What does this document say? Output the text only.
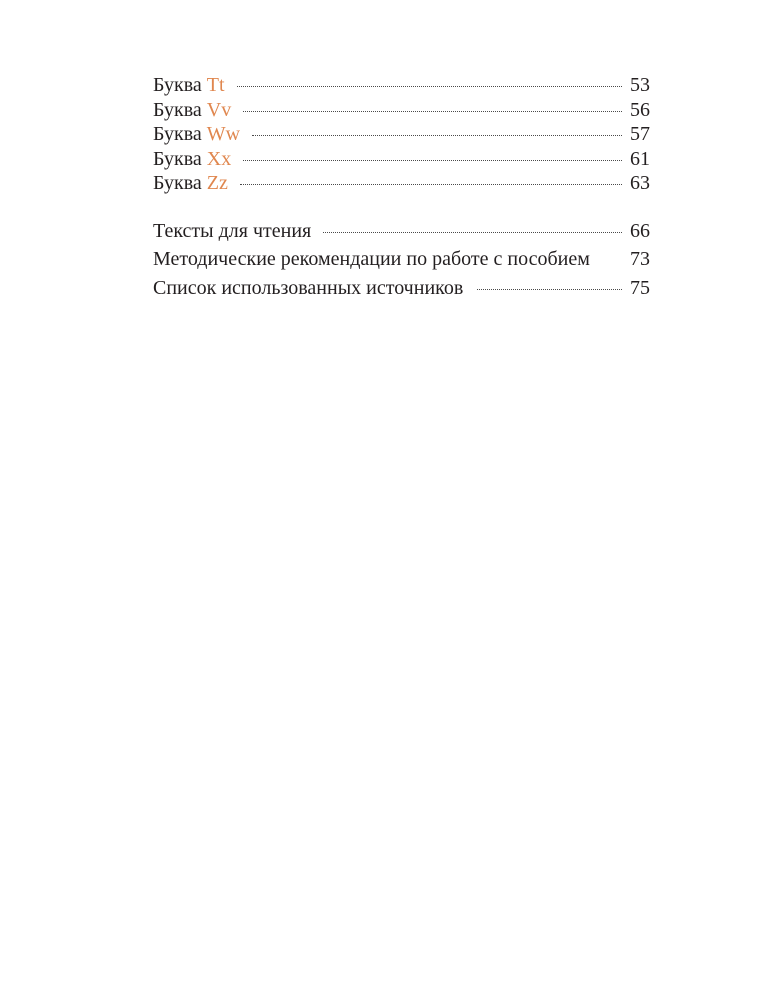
Буква Tt	53
Буква Vv	56
Буква Ww	57
Буква Xx	61
Буква Zz	63
Тексты для чтения	66
Методические рекомендации по работе с пособием 73
Список использованных источников	75
